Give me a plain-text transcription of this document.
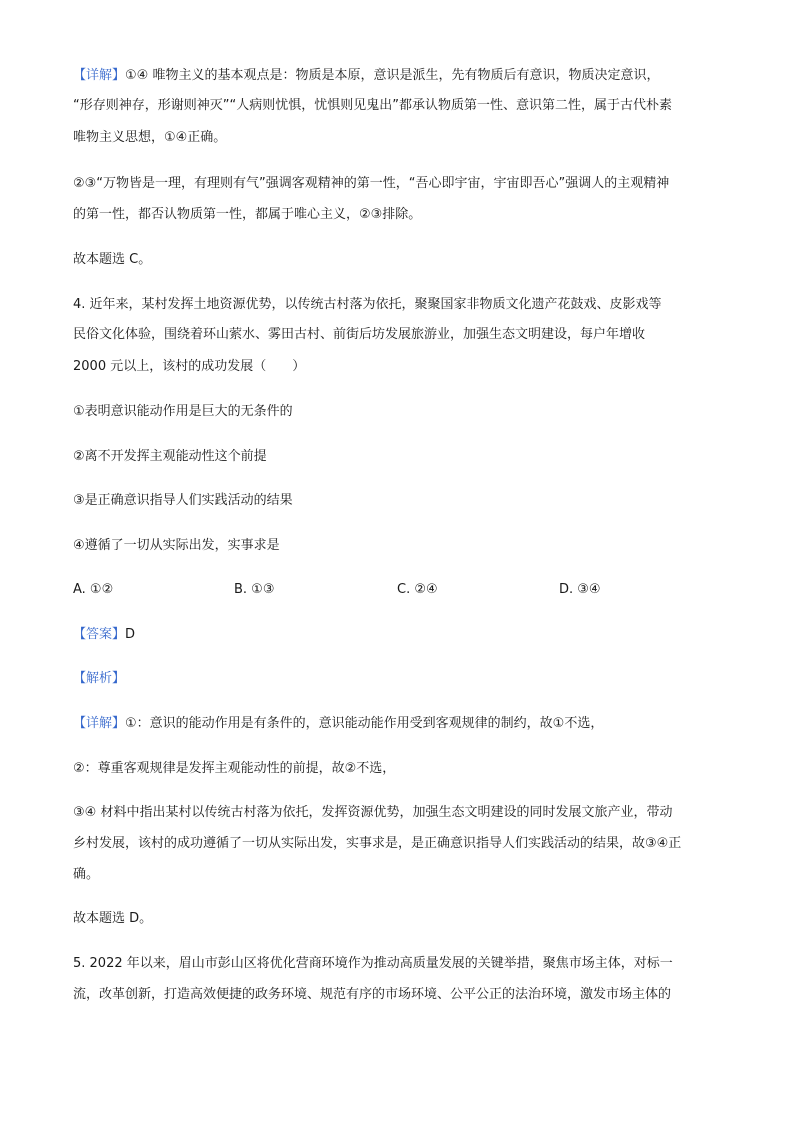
【详解】①④ 唯物主义的基本观点是：物质是本原，意识是派生，先有物质后有意识，物质决定意识，
“形存则神存，形谢则神灭”“人病则忧惧，忧惧则见鬼出”都承认物质第一性、意识第二性，属于古代朴素
唯物主义思想，①④正确。
②③“万物皆是一理，有理则有气”强调客观精神的第一性，“吾心即宇宙，宇宙即吾心”强调人的主观精神
的第一性，都否认物质第一性，都属于唯心主义，②③排除。
故本题选 C。
4. 近年来，某村发挥土地资源优势，以传统古村落为依托，聚聚国家非物质文化遗产花鼓戏、皮影戏等
民俗文化体验，围绕着环山萦水、雾田古村、前街后坊发展旅游业，加强生态文明建设，每户年增收
2000 元以上，该村的成功发展（　　）
①表明意识能动作用是巨大的无条件的
②离不开发挥主观能动性这个前提
③是正确意识指导人们实践活动的结果
④遵循了一切从实际出发，实事求是
A. ①②	B. ①③	C. ②④	D. ③④
【答案】D
【解析】
【详解】①：意识的能动作用是有条件的，意识能动能作用受到客观规律的制约，故①不选，
②：尊重客观规律是发挥主观能动性的前提，故②不选，
③④ 材料中指出某村以传统古村落为依托，发挥资源优势，加强生态文明建设的同时发展文旅产业，带动
乡村发展，该村的成功遵循了一切从实际出发，实事求是，是正确意识指导人们实践活动的结果，故③④正
确。
故本题选 D。
5. 2022 年以来，眉山市彭山区将优化营商环境作为推动高质量发展的关键举措，聚焦市场主体，对标一
流，改革创新，打造高效便捷的政务环境、规范有序的市场环境、公平公正的法治环境，激发市场主体的
